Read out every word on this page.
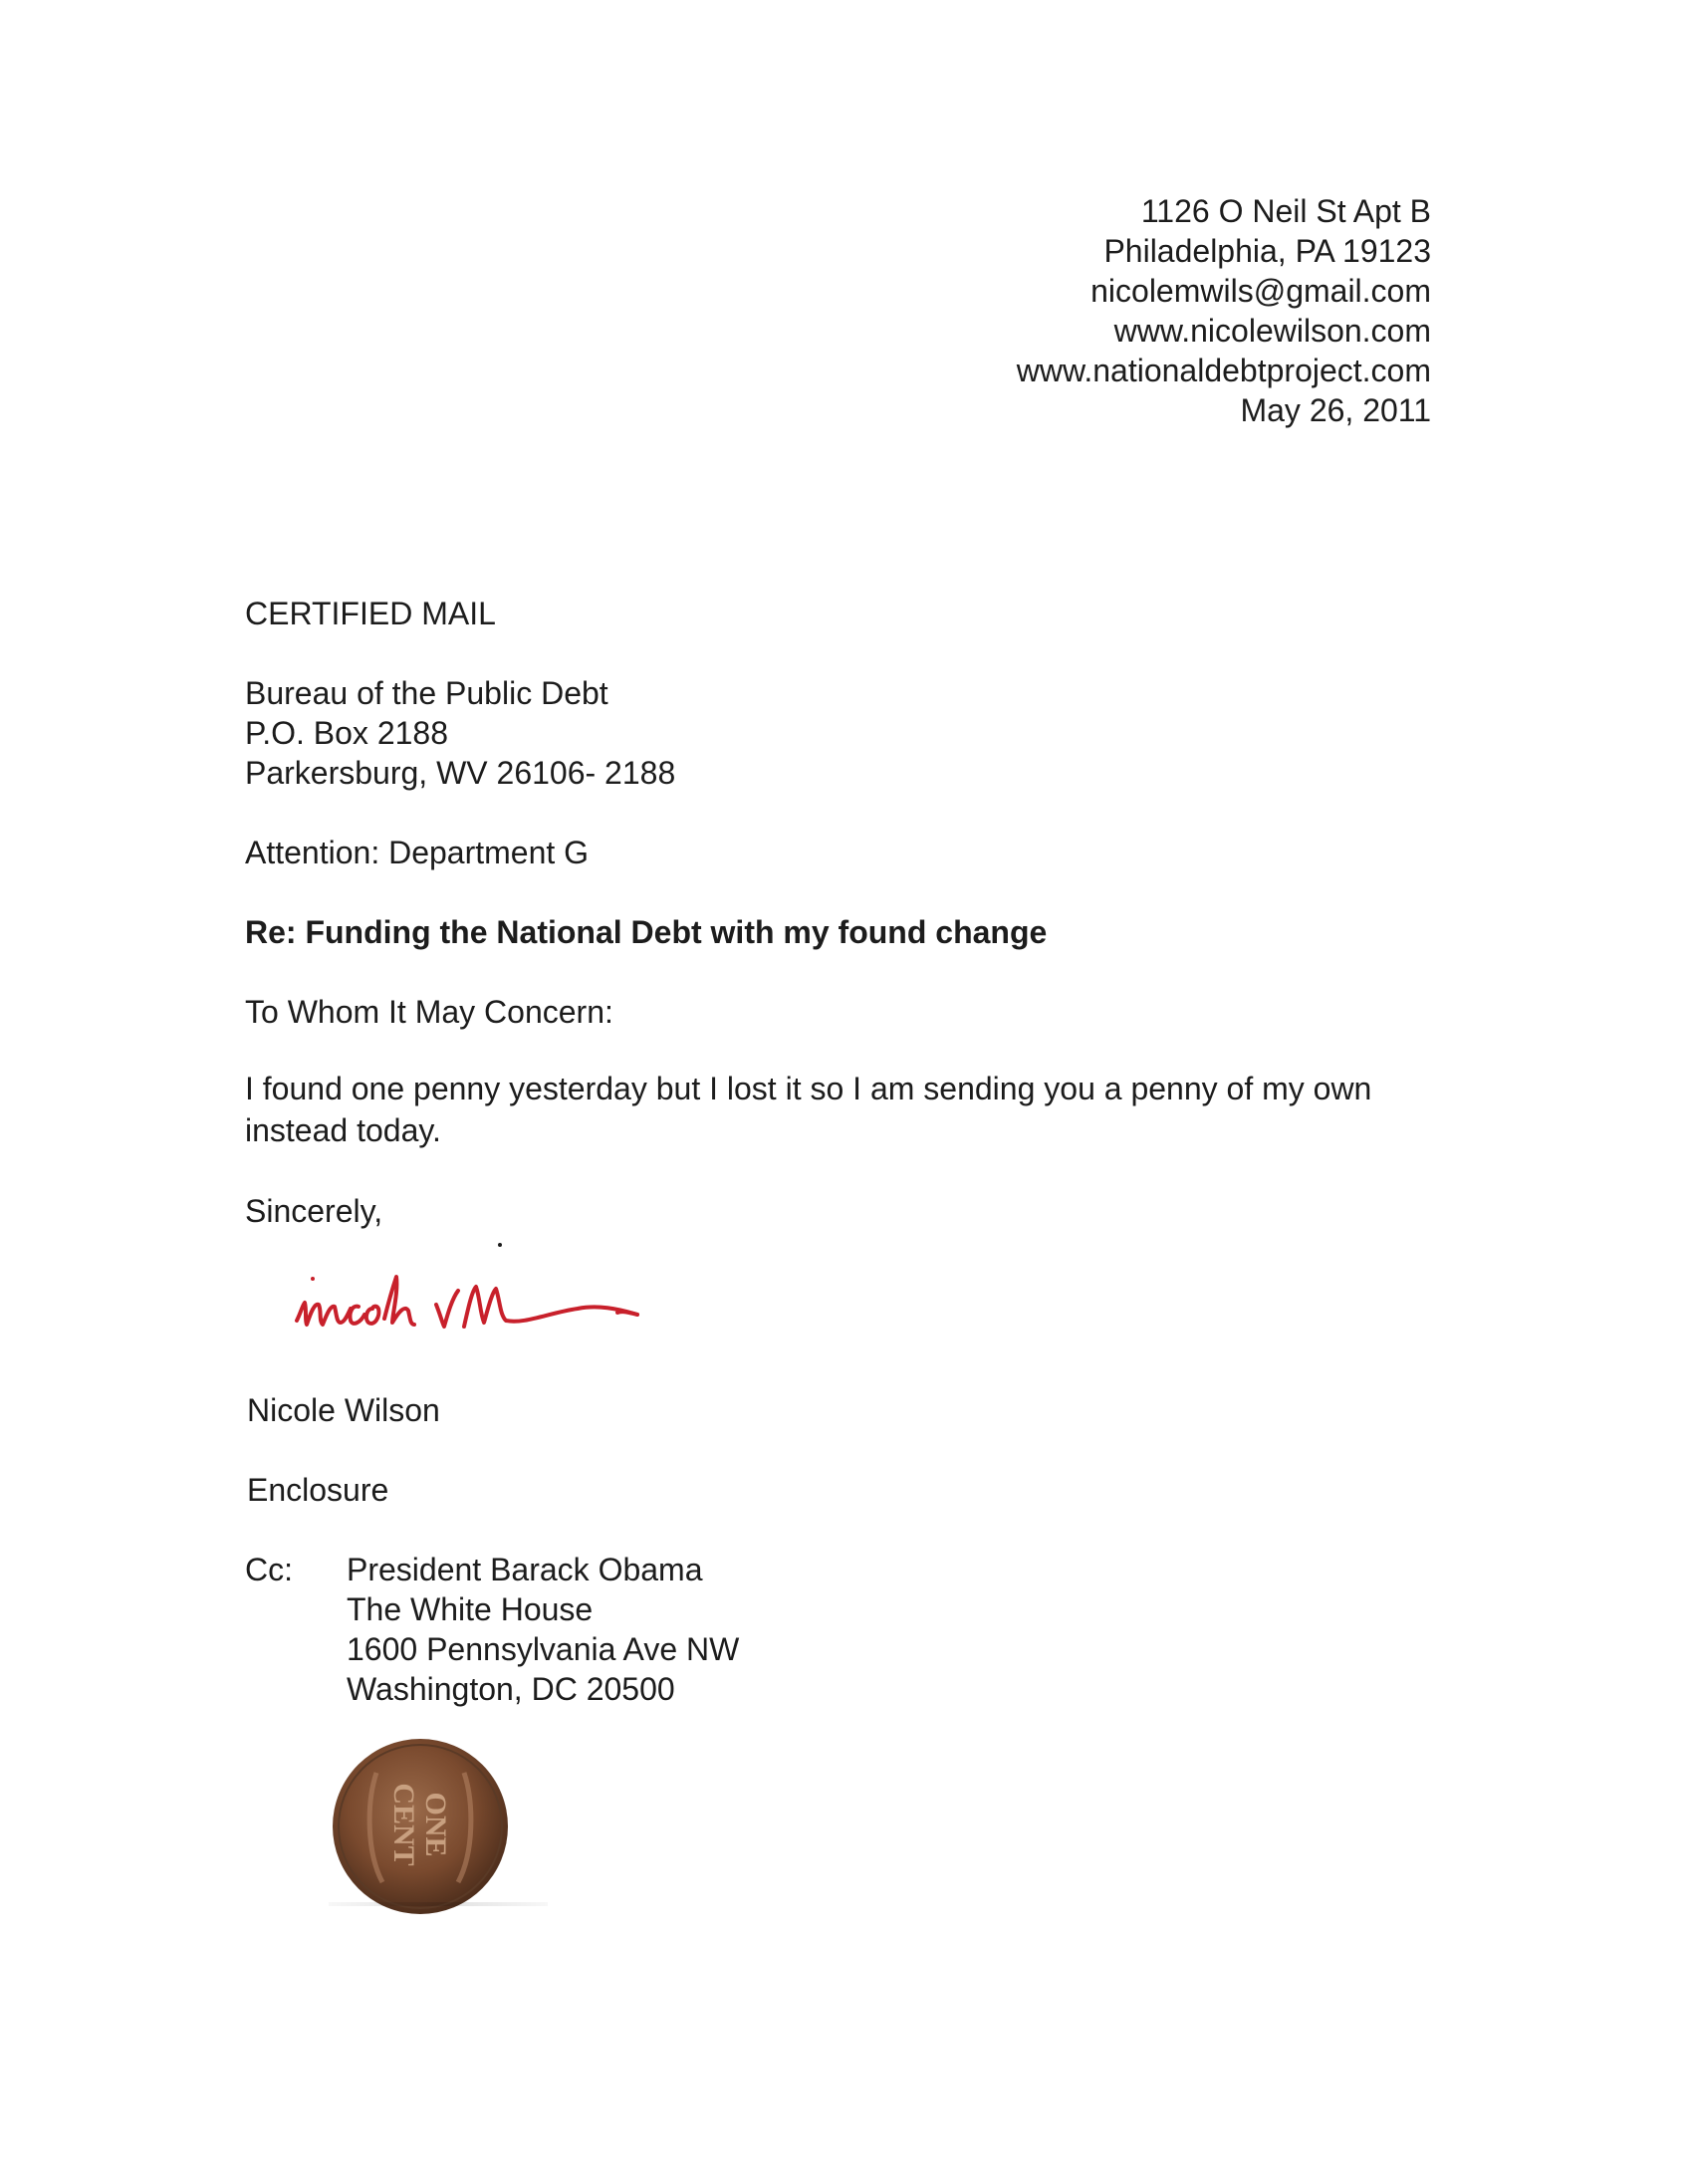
1126 O Neil St Apt B
Philadelphia, PA 19123
nicolemwils@gmail.com
www.nicolewilson.com
www.nationaldebtproject.com
May 26, 2011
CERTIFIED MAIL
Bureau of the Public Debt
P.O. Box 2188
Parkersburg, WV 26106- 2188
Attention: Department G
Re: Funding the National Debt with my found change
To Whom It May Concern:
I found one penny yesterday but I lost it so I am sending you a penny of my own instead today.
Sincerely,
Nicole Wilson
Enclosure
Cc: President Barack Obama
The White House
1600 Pennsylvania Ave NW
Washington, DC 20500
ONE
CENT
